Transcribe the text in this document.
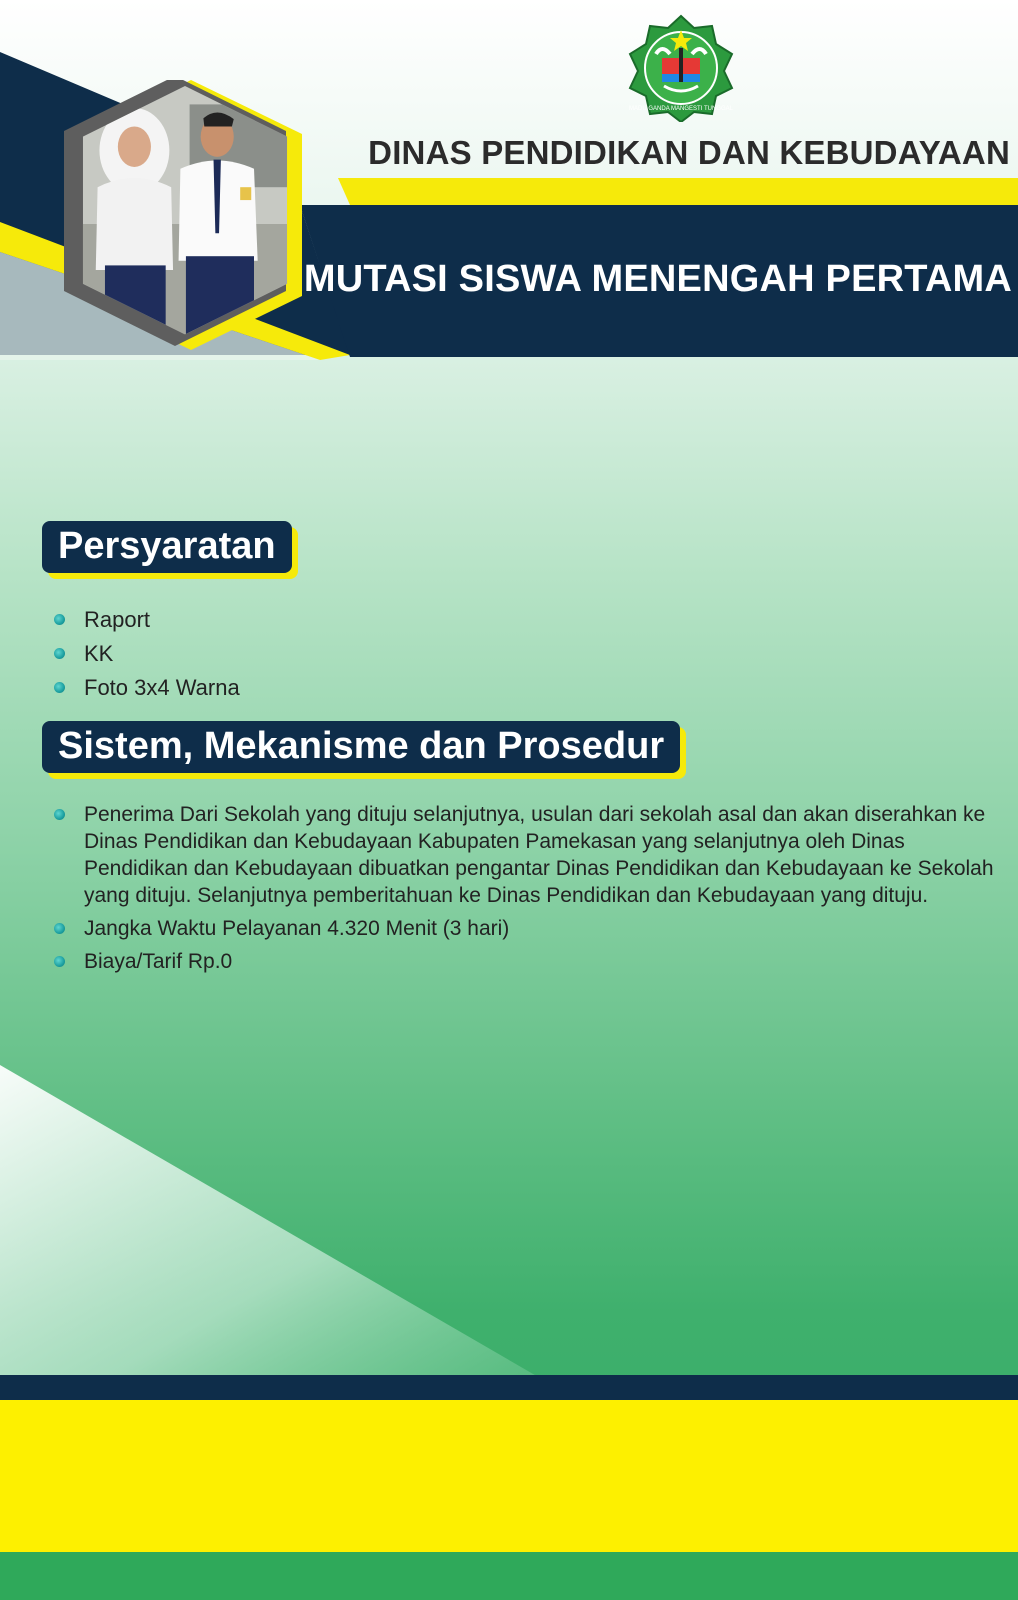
MADU GANDA MANGESTI TUNGGAL
DINAS PENDIDIKAN DAN KEBUDAYAAN
MUTASI SISWA MENENGAH PERTAMA
Persyaratan
Raport
KK
Foto 3x4 Warna
Sistem, Mekanisme dan Prosedur
Penerima Dari Sekolah yang dituju selanjutnya, usulan dari sekolah asal dan akan diserahkan ke Dinas Pendidikan dan Kebudayaan Kabupaten Pamekasan yang selanjutnya oleh Dinas Pendidikan dan Kebudayaan dibuatkan pengantar Dinas Pendidikan dan Kebudayaan ke Sekolah yang dituju. Selanjutnya pemberitahuan ke Dinas Pendidikan dan Kebudayaan yang dituju.
Jangka Waktu Pelayanan 4.320 Menit (3 hari)
Biaya/Tarif Rp.0
